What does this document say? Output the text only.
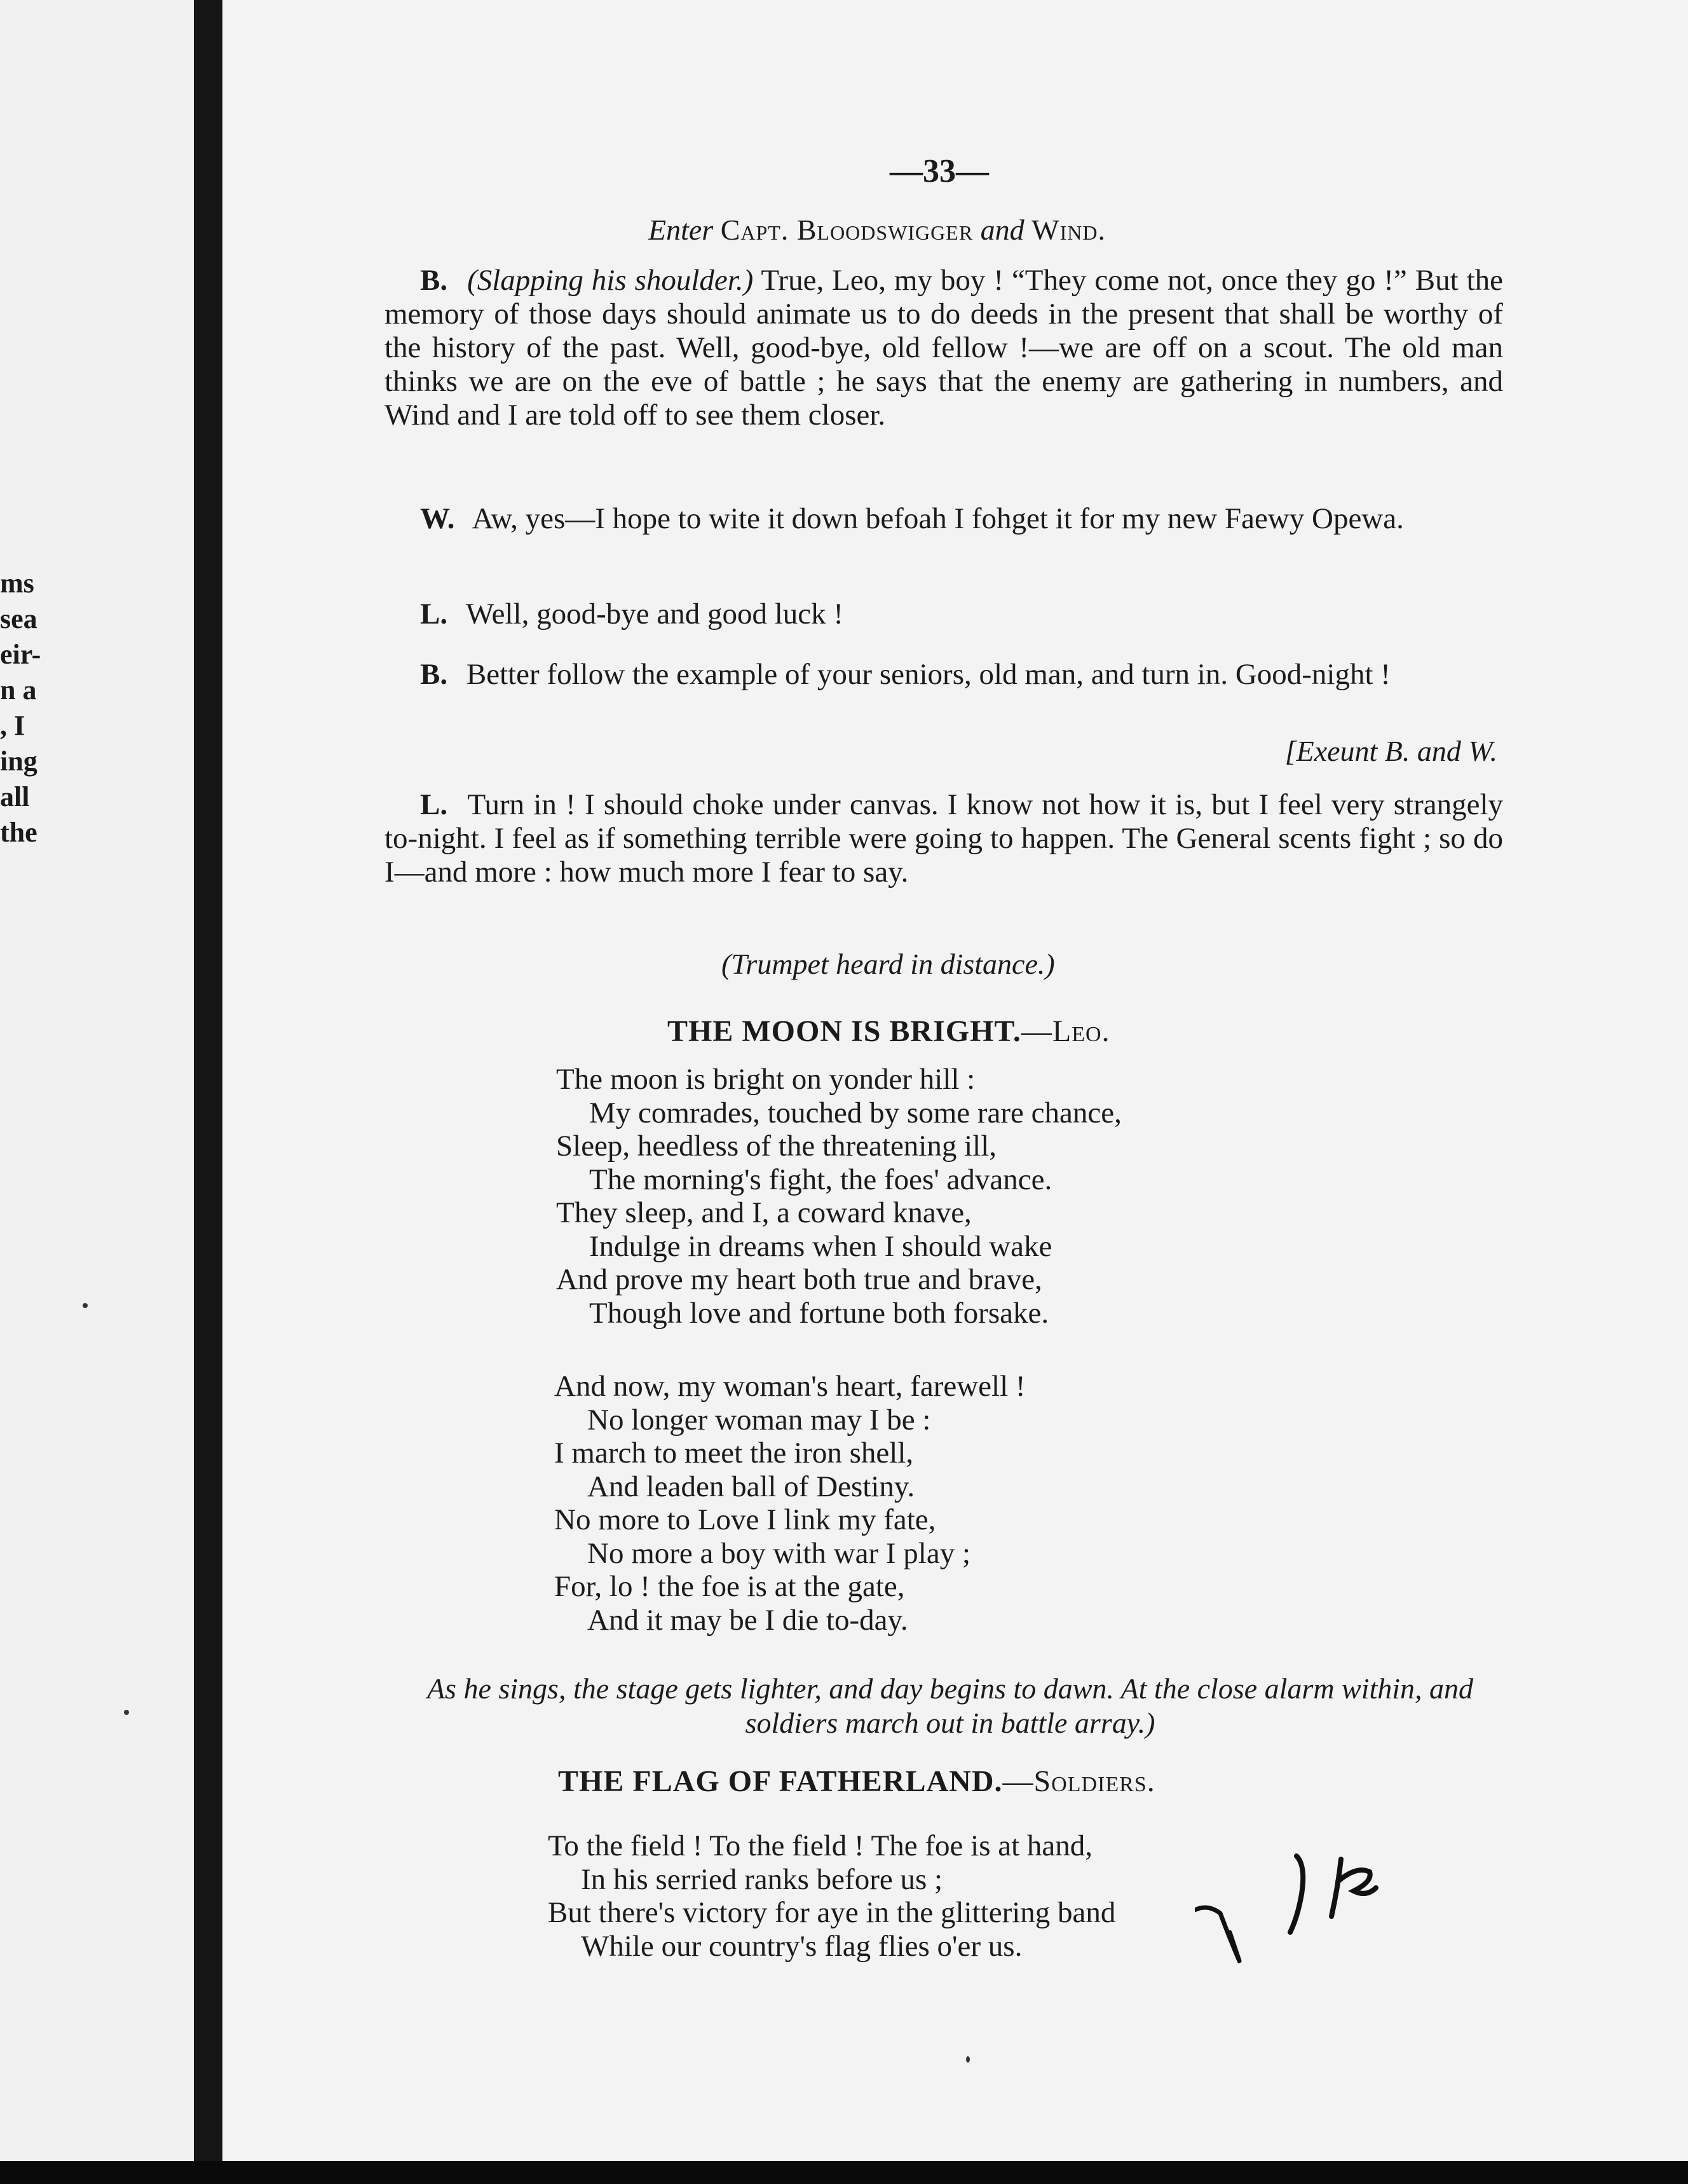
ms
sea
eir-
n a
, I
ing
all
the
—33—
Enter Capt. Bloodswigger and Wind.
B. (Slapping his shoulder.) True, Leo, my boy ! “They come not, once they go !” But the memory of those days should animate us to do deeds in the present that shall be worthy of the history of the past. Well, good-bye, old fellow !—we are off on a scout. The old man thinks we are on the eve of battle ; he says that the enemy are gathering in numbers, and Wind and I are told off to see them closer.
W. Aw, yes—I hope to wite it down befoah I fohget it for my new Faewy Opewa.
L. Well, good-bye and good luck !
B. Better follow the example of your seniors, old man, and turn in. Good-night !
[Exeunt B. and W.
L. Turn in ! I should choke under canvas. I know not how it is, but I feel very strangely to-night. I feel as if something terrible were going to happen. The General scents fight ; so do I—and more : how much more I fear to say.
(Trumpet heard in distance.)
THE MOON IS BRIGHT.—Leo.
The moon is bright on yonder hill :
My comrades, touched by some rare chance,
Sleep, heedless of the threatening ill,
The morning's fight, the foes' advance.
They sleep, and I, a coward knave,
Indulge in dreams when I should wake
And prove my heart both true and brave,
Though love and fortune both forsake.
And now, my woman's heart, farewell !
No longer woman may I be :
I march to meet the iron shell,
And leaden ball of Destiny.
No more to Love I link my fate,
No more a boy with war I play ;
For, lo ! the foe is at the gate,
And it may be I die to-day.
As he sings, the stage gets lighter, and day begins to dawn. At the close alarm within, and soldiers march out in battle array.)
THE FLAG OF FATHERLAND.—Soldiers.
To the field ! To the field ! The foe is at hand,
In his serried ranks before us ;
But there's victory for aye in the glittering band
While our country's flag flies o'er us.
